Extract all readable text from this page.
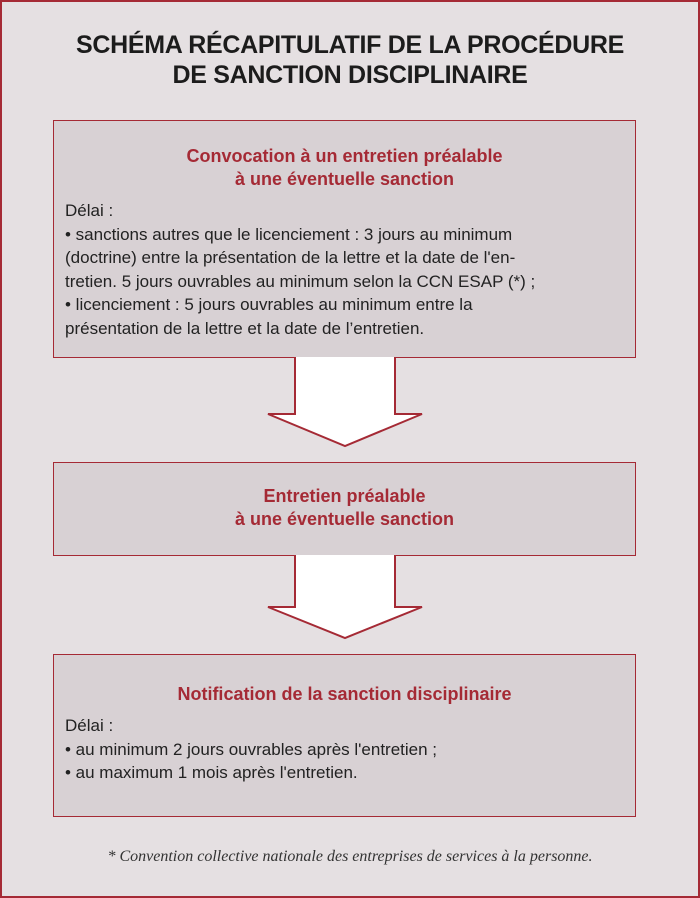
SCHÉMA RÉCAPITULATIF DE LA PROCÉDURE
DE SANCTION DISCIPLINAIRE
Convocation à un entretien préalable
à une éventuelle sanction
Délai :
• sanctions autres que le licenciement : 3 jours au minimum
(doctrine) entre la présentation de la lettre et la date de l'en-
tretien. 5 jours ouvrables au minimum selon la CCN ESAP (*) ;
• licenciement : 5 jours ouvrables au minimum entre la
présentation de la lettre et la date de l’entretien.
Entretien préalable
à une éventuelle sanction
Notification de la sanction disciplinaire
Délai :
• au minimum 2 jours ouvrables après l'entretien ;
• au maximum 1 mois après l'entretien.
* Convention collective nationale des entreprises de services à la personne.
